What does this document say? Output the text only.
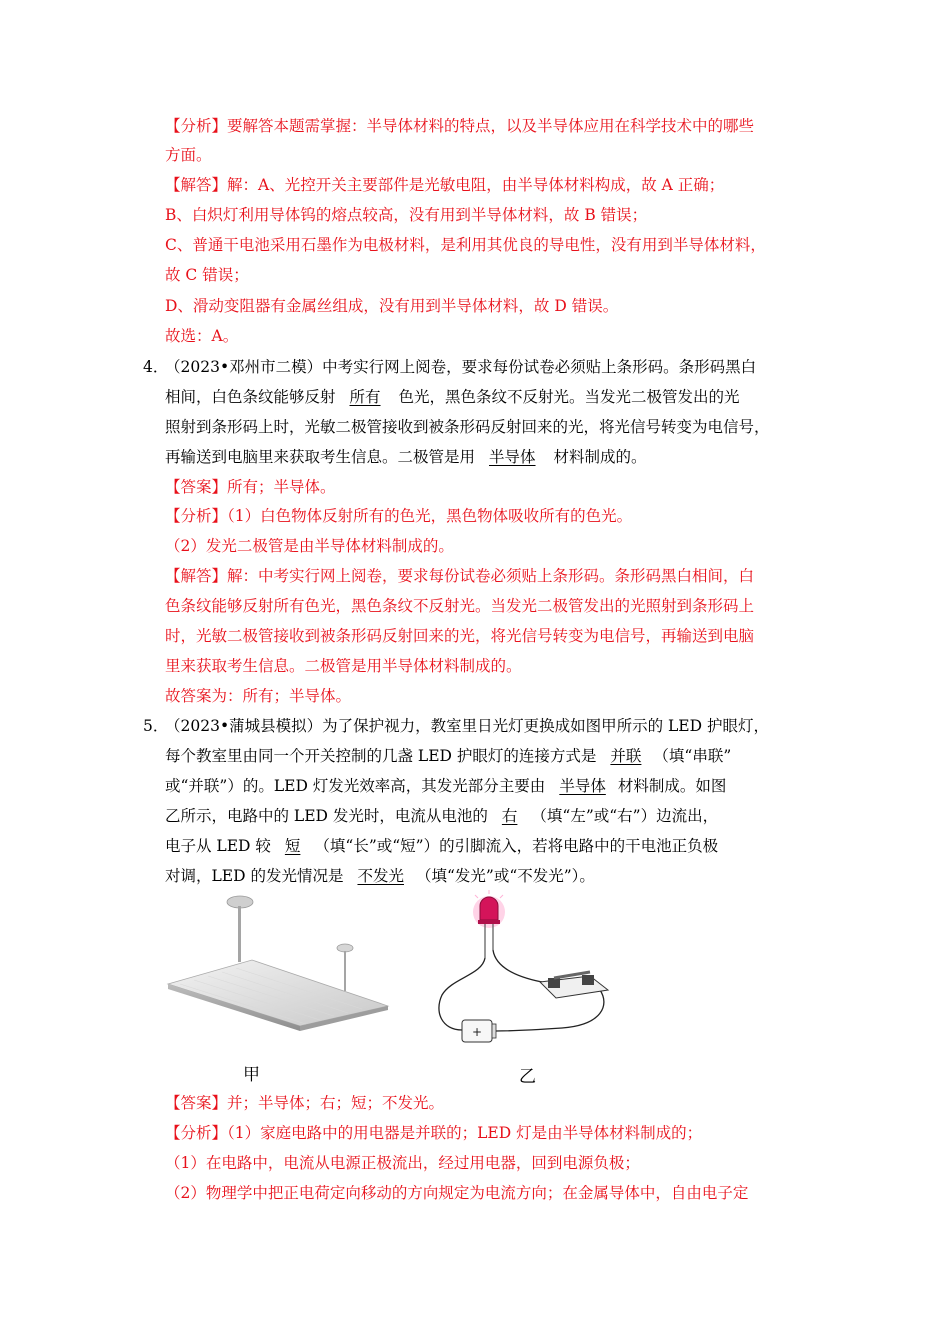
【分析】要解答本题需掌握：半导体材料的特点，以及半导体应用在科学技术中的哪些
方面。
【解答】解：A、光控开关主要部件是光敏电阻，由半导体材料构成，故 A 正确；
B、白炽灯利用导体钨的熔点较高，没有用到半导体材料，故 B 错误；
C、普通干电池采用石墨作为电极材料，是利用其优良的导电性，没有用到半导体材料，
故 C 错误；
D、滑动变阻器有金属丝组成，没有用到半导体材料，故 D 错误。
故选：A。
4．
（2023•邓州市二模）中考实行网上阅卷，要求每份试卷必须贴上条形码。条形码黑白
相间，白色条纹能够反射 所有 色光，黑色条纹不反射光。当发光二极管发出的光
照射到条形码上时，光敏二极管接收到被条形码反射回来的光，将光信号转变为电信号，
再输送到电脑里来获取考生信息。二极管是用 半导体 材料制成的。
【答案】所有；半导体。
【分析】（1）白色物体反射所有的色光，黑色物体吸收所有的色光。
（2）发光二极管是由半导体材料制成的。
【解答】解：中考实行网上阅卷，要求每份试卷必须贴上条形码。条形码黑白相间，白
色条纹能够反射所有色光，黑色条纹不反射光。当发光二极管发出的光照射到条形码上
时，光敏二极管接收到被条形码反射回来的光，将光信号转变为电信号，再输送到电脑
里来获取考生信息。二极管是用半导体材料制成的。
故答案为：所有；半导体。
5．
（2023•蒲城县模拟）为了保护视力，教室里日光灯更换成如图甲所示的 LED 护眼灯，
每个教室里由同一个开关控制的几盏 LED 护眼灯的连接方式是 并联 （填“串联”
或“并联”）的。LED 灯发光效率高，其发光部分主要由 半导体 材料制成。如图
乙所示，电路中的 LED 发光时，电流从电池的 右 （填“左”或“右”）边流出，
电子从 LED 较 短 （填“长”或“短”）的引脚流入，若将电路中的干电池正负极
对调，LED 的发光情况是 不发光 （填“发光”或“不发光”）。
+
甲	乙
【答案】并；半导体；右；短；不发光。
【分析】（1）家庭电路中的用电器是并联的；LED 灯是由半导体材料制成的；
（1）在电路中，电流从电源正极流出，经过用电器，回到电源负极；
（2）物理学中把正电荷定向移动的方向规定为电流方向；在金属导体中，自由电子定
